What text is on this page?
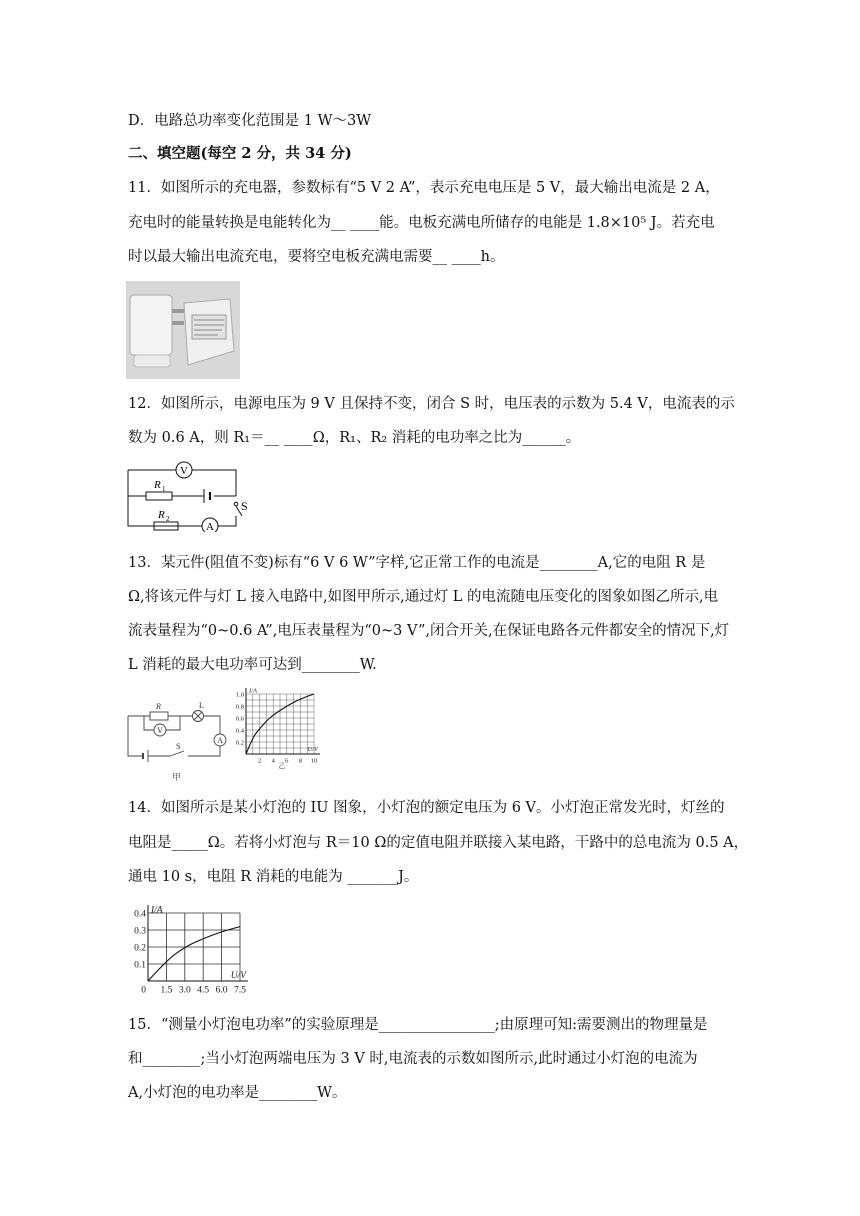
D．电路总功率变化范围是 1 W～3W
二、填空题(每空 2 分，共 34 分)
11．如图所示的充电器，参数标有“5 V 2 A”，表示充电电压是 5 V，最大输出电流是 2 A，
充电时的能量转换是电能转化为__ ____能。电板充满电所储存的电能是 1.8×10⁵ J。若充电
时以最大输出电流充电，要将空电板充满电需要__ ____h。
12．如图所示，电源电压为 9 V 且保持不变，闭合 S 时，电压表的示数为 5.4 V，电流表的示
数为 0.6 A，则 R₁＝__ ____Ω，R₁、R₂ 消耗的电功率之比为______。
V
A
R 1
R 2
S
13．某元件(阻值不变)标有“6 V 6 W”字样,它正常工作的电流是________A,它的电阻 R 是
Ω,将该元件与灯 L 接入电路中,如图甲所示,通过灯 L 的电流随电压变化的图象如图乙所示,电
流表量程为“0~0.6 A”,电压表量程为“0~3 V”,闭合开关,在保证电路各元件都安全的情况下,灯
L 消耗的最大电功率可达到________W.
R	L
V
A
S
甲
0.2
0.4
0.6
0.8
1.0
2 4 6 8 10
I/A
U/V
乙
14．如图所示是某小灯泡的 IU 图象，小灯泡的额定电压为 6 V。小灯泡正常发光时，灯丝的
电阻是_____Ω。若将小灯泡与 R＝10 Ω的定值电阻并联接入某电路，干路中的总电流为 0.5 A，
通电 10 s，电阻 R 消耗的电能为 _______J。
0.1
0.2
0.3
0.4
1.5 3.0 4.5 6.0 7.5
0
I/A
U/V
15．“测量小灯泡电功率”的实验原理是________________;由原理可知:需要测出的物理量是
和________;当小灯泡两端电压为 3 V 时,电流表的示数如图所示,此时通过小灯泡的电流为
A,小灯泡的电功率是________W。
